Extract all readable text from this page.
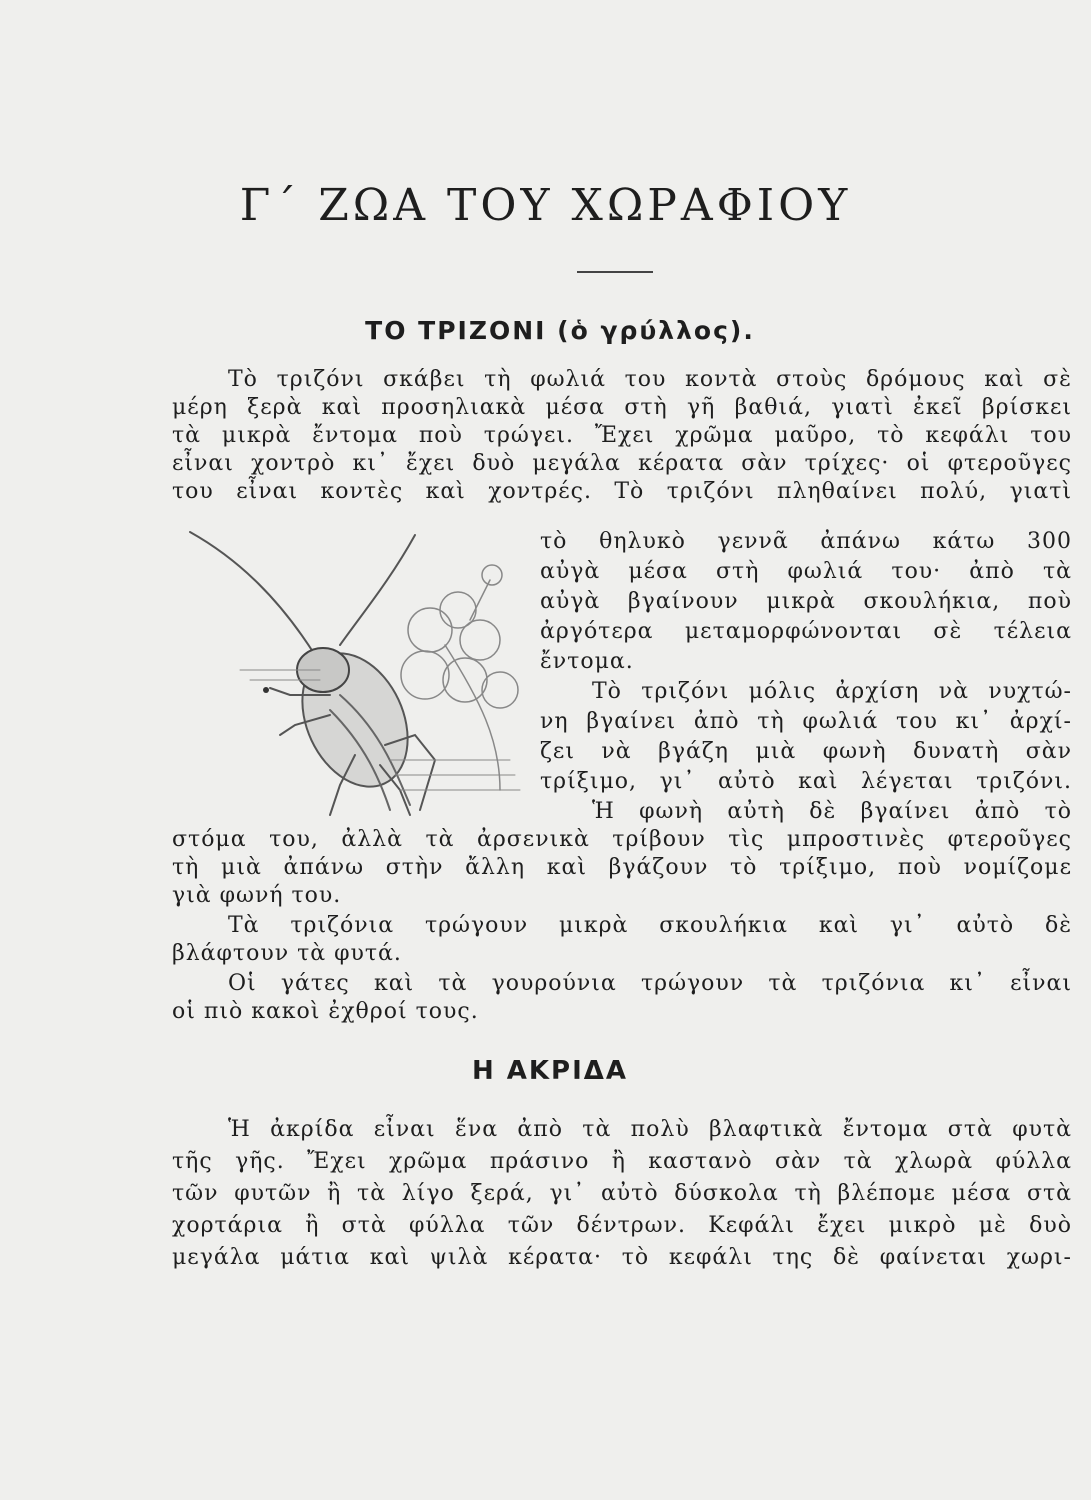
Γ΄ ΖΩΑ ΤΟΥ ΧΩΡΑΦΙΟΥ
ΤΟ ΤΡΙΖΟΝΙ (ὁ γρύλλος).
Τὸ τριζόνι σκάβει τὴ φωλιά του κοντὰ στοὺς δρόμους καὶ σὲ
μέρη ξερὰ καὶ προσηλιακὰ μέσα στὴ γῆ βαθιά, γιατὶ ἐκεῖ βρίσκει
τὰ μικρὰ ἔντομα ποὺ τρώγει. Ἔχει χρῶμα μαῦρο, τὸ κεφάλι του
εἶναι χοντρὸ κι᾽ ἔχει δυὸ μεγάλα κέρατα σὰν τρίχες· οἱ φτεροῦγες
του εἶναι κοντὲς καὶ χοντρές. Τὸ τριζόνι πληθαίνει πολύ, γιατὶ
τὸ θηλυκὸ γεννᾶ ἀπάνω κάτω 300
αὐγὰ μέσα στὴ φωλιά του· ἀπὸ τὰ
αὐγὰ βγαίνουν μικρὰ σκουλήκια, ποὺ
ἀργότερα μεταμορφώνονται σὲ τέλεια
ἔντομα.
Τὸ τριζόνι μόλις ἀρχίση νὰ νυχτώ-
νη βγαίνει ἀπὸ τὴ φωλιά του κι᾽ ἀρχί-
ζει νὰ βγάζη μιὰ φωνὴ δυνατὴ σὰν
τρίξιμο, γι᾽ αὐτὸ καὶ λέγεται τριζόνι.
Ἡ φωνὴ αὐτὴ δὲ βγαίνει ἀπὸ τὸ
στόμα του, ἀλλὰ τὰ ἀρσενικὰ τρίβουν τὶς μπροστινὲς φτεροῦγες
τὴ μιὰ ἀπάνω στὴν ἄλλη καὶ βγάζουν τὸ τρίξιμο, ποὺ νομίζομε
γιὰ φωνή του.
Τὰ τριζόνια τρώγουν μικρὰ σκουλήκια καὶ γι᾽ αὐτὸ δὲ
βλάφτουν τὰ φυτά.
Οἱ γάτες καὶ τὰ γουρούνια τρώγουν τὰ τριζόνια κι᾽ εἶναι
οἱ πιὸ κακοὶ ἐχθροί τους.
Η ΑΚΡΙΔΑ
Ἡ ἀκρίδα εἶναι ἕνα ἀπὸ τὰ πολὺ βλαφτικὰ ἔντομα στὰ φυτὰ
τῆς γῆς. Ἔχει χρῶμα πράσινο ἢ καστανὸ σὰν τὰ χλωρὰ φύλλα
τῶν φυτῶν ἢ τὰ λίγο ξερά, γι᾽ αὐτὸ δύσκολα τὴ βλέπομε μέσα στὰ
χορτάρια ἢ στὰ φύλλα τῶν δέντρων. Κεφάλι ἔχει μικρὸ μὲ δυὸ
μεγάλα μάτια καὶ ψιλὰ κέρατα· τὸ κεφάλι της δὲ φαίνεται χωρι-
